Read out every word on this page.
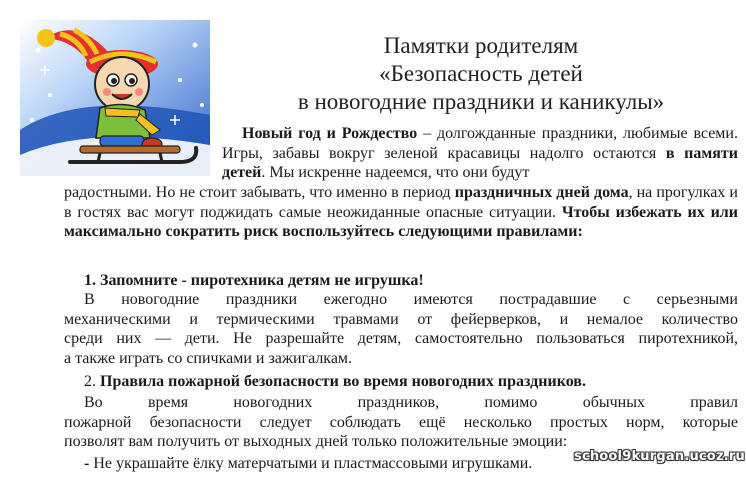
Памятки родителям
«Безопасность детей
в новогодние праздники и каникулы»
Новый год и Рождество – долгожданные праздники, любимые всеми. Игры, забавы вокруг зеленой красавицы надолго остаются в памяти детей. Мы искренне надеемся, что они будут
радостными. Но не стоит забывать, что именно в период праздничных дней дома, на прогулках и в гостях вас могут поджидать самые неожиданные опасные ситуации. Чтобы избежать их или максимально сократить риск воспользуйтесь следующими правилами:
1. Запомните - пиротехника детям не игрушка!
В новогодние праздники ежегодно имеются пострадавшие с серьезными
механическими и термическими травмами от фейерверков, и немалое количество
среди них — дети. Не разрешайте детям, самостоятельно пользоваться пиротехникой,
а также играть со спичками и зажигалкам.
2. Правила пожарной безопасности во время новогодних праздников.
Во время новогодних праздников, помимо обычных правил
пожарной безопасности следует соблюдать ещё несколько простых норм, которые
позволят вам получить от выходных дней только положительные эмоции:
- Не украшайте ёлку матерчатыми и пластмассовыми игрушками.	school9kurgan.ucoz.ru
